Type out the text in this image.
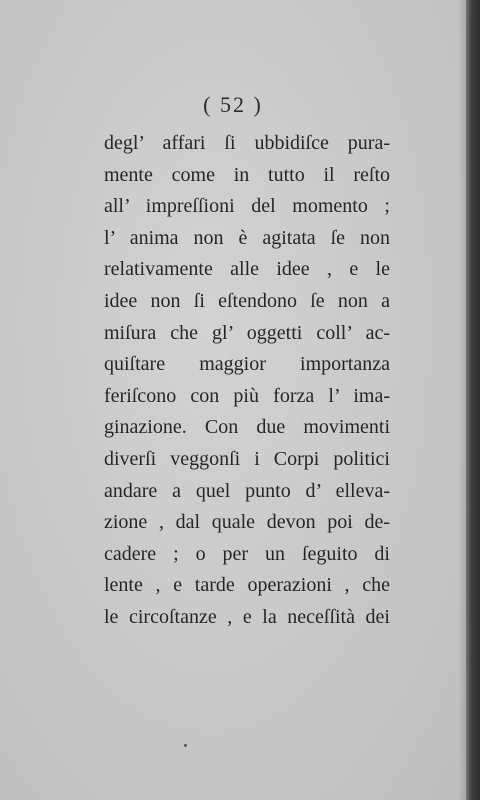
( 52 )
degl’ affari ſi ubbidiſce pura-
mente come in tutto il reſto
all’ impreſſioni del momento ;
l’ anima non è agitata ſe non
relativamente alle idee , e le
idee non ſi eſtendono ſe non a
miſura che gl’ oggetti coll’ ac-
quiſtare maggior importanza
feriſcono con più forza l’ ima-
ginazione. Con due movimenti
diverſi veggonſi i Corpi politici
andare a quel punto d’ elleva-
zione , dal quale devon poi de-
cadere ; o per un ſeguito di
lente , e tarde operazioni , che
le circoſtanze , e la neceſſità dei
